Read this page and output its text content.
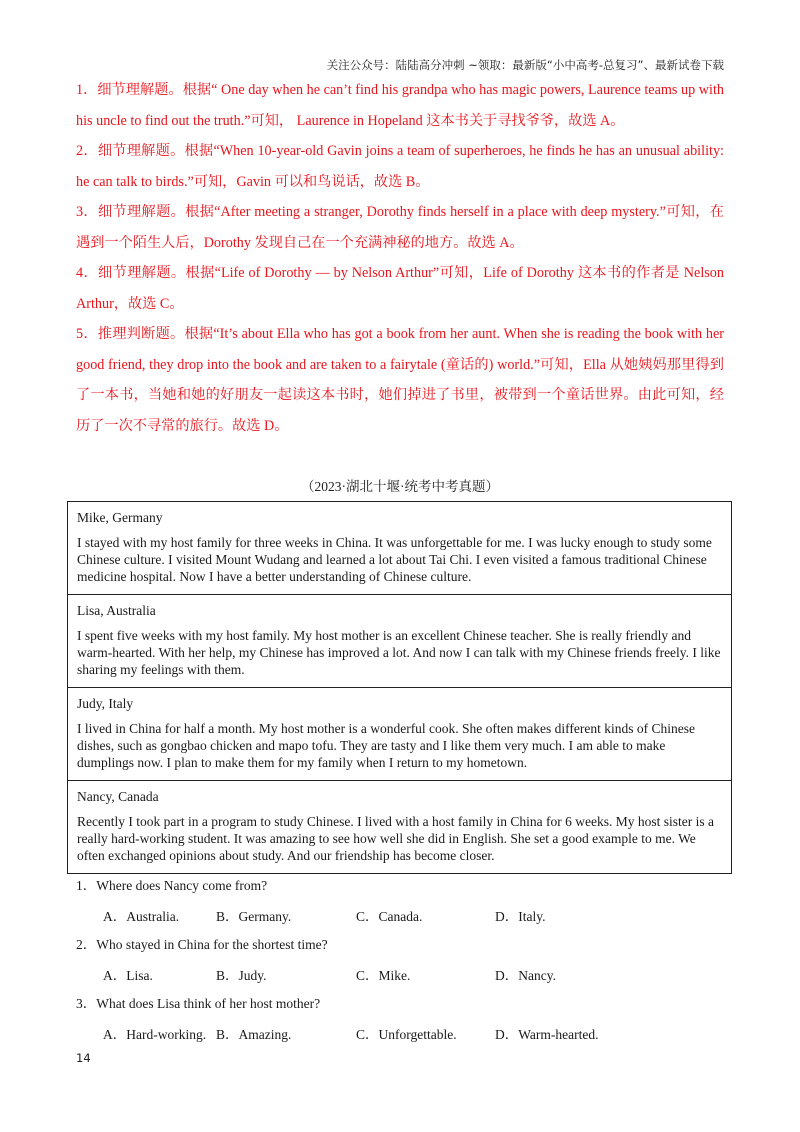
关注公众号：陆陆高分冲刺 ~领取：最新版“小中高考-总复习”、最新试卷下载

1．细节理解题。根据“ One day when he can’t find his grandpa who has magic powers, Laurence teams up with his uncle to find out the truth.”可知， Laurence in Hopeland 这本书关于寻找爷爷，故选 A。

2．细节理解题。根据“When 10-year-old Gavin joins a team of superheroes, he finds he has an unusual ability: he can talk to birds.”可知，Gavin 可以和鸟说话，故选 B。

3．细节理解题。根据“After meeting a stranger, Dorothy finds herself in a place with deep mystery.”可知，在遇到一个陌生人后，Dorothy 发现自己在一个充满神秘的地方。故选 A。

4．细节理解题。根据“Life of Dorothy — by Nelson Arthur”可知，Life of Dorothy 这本书的作者是 Nelson Arthur，故选 C。

5．推理判断题。根据“It’s about Ella who has got a book from her aunt. When she is reading the book with her good friend, they drop into the book and are taken to a fairytale (童话的) world.”可知，Ella 从她姨妈那里得到了一本书，当她和她的好朋友一起读这本书时，她们掉进了书里，被带到一个童话世界。由此可知，经历了一次不寻常的旅行。故选 D。

（2023·湖北十堰·统考中考真题）
Mike, Germany
I stayed with my host family for three weeks in China. It was unforgettable for me. I was lucky enough to study some Chinese culture. I visited Mount Wudang and learned a lot about Tai Chi. I even visited a famous traditional Chinese medicine hospital. Now I have a better understanding of Chinese culture.
Lisa, Australia
I spent five weeks with my host family. My host mother is an excellent Chinese teacher. She is really friendly and warm-hearted. With her help, my Chinese has improved a lot. And now I can talk with my Chinese friends freely. I like sharing my feelings with them.
Judy, Italy
I lived in China for half a month. My host mother is a wonderful cook. She often makes different kinds of Chinese dishes, such as gongbao chicken and mapo tofu. They are tasty and I like them very much. I am able to make dumplings now. I plan to make them for my family when I return to my hometown.
Nancy, Canada
Recently I took part in a program to study Chinese. I lived with a host family in China for 6 weeks. My host sister is a really hard-working student. It was amazing to see how well she did in English. She set a good example to me. We often exchanged opinions about study. And our friendship has become closer.
1．Where does Nancy come from?
A．Australia.	B．Germany.	C．Canada.	D．Italy.
2．Who stayed in China for the shortest time?
A．Lisa.	B．Judy.	C．Mike.	D．Nancy.
3．What does Lisa think of her host mother?
A．Hard-working. B．Amazing.	C．Unforgettable.	D．Warm-hearted.
14
